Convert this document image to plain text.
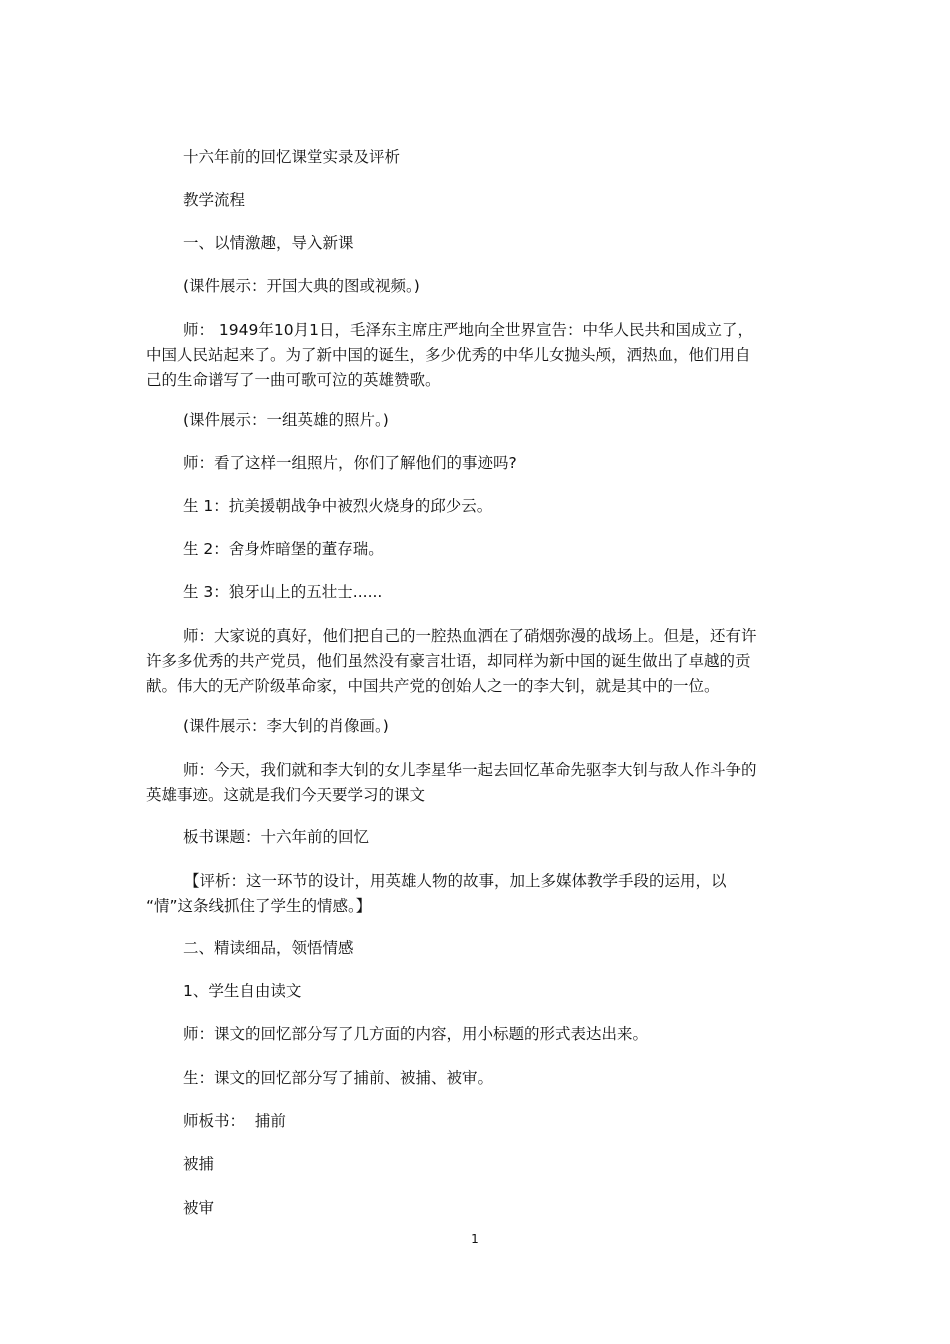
十六年前的回忆课堂实录及评析
教学流程
一、以情激趣，导入新课
(课件展示：开国大典的图或视频。)
师： 1949年10月1日，毛泽东主席庄严地向全世界宣告：中华人民共和国成立了，
中国人民站起来了。为了新中国的诞生，多少优秀的中华儿女抛头颅，洒热血，他们用自
己的生命谱写了一曲可歌可泣的英雄赞歌。
(课件展示：一组英雄的照片。)
师：看了这样一组照片，你们了解他们的事迹吗?
生 1：抗美援朝战争中被烈火烧身的邱少云。
生 2：舍身炸暗堡的董存瑞。
生 3：狼牙山上的五壮士......
师：大家说的真好，他们把自己的一腔热血洒在了硝烟弥漫的战场上。但是，还有许
许多多优秀的共产党员，他们虽然没有豪言壮语，却同样为新中国的诞生做出了卓越的贡
献。伟大的无产阶级革命家，中国共产党的创始人之一的李大钊，就是其中的一位。
(课件展示：李大钊的肖像画。)
师：今天，我们就和李大钊的女儿李星华一起去回忆革命先驱李大钊与敌人作斗争的
英雄事迹。这就是我们今天要学习的课文
板书课题：十六年前的回忆
【评析：这一环节的设计，用英雄人物的故事，加上多媒体教学手段的运用，以
“情”这条线抓住了学生的情感。】
二、精读细品，领悟情感
1、学生自由读文
师：课文的回忆部分写了几方面的内容，用小标题的形式表达出来。
生：课文的回忆部分写了捕前、被捕、被审。
师板书：  捕前
被捕
被审
1
